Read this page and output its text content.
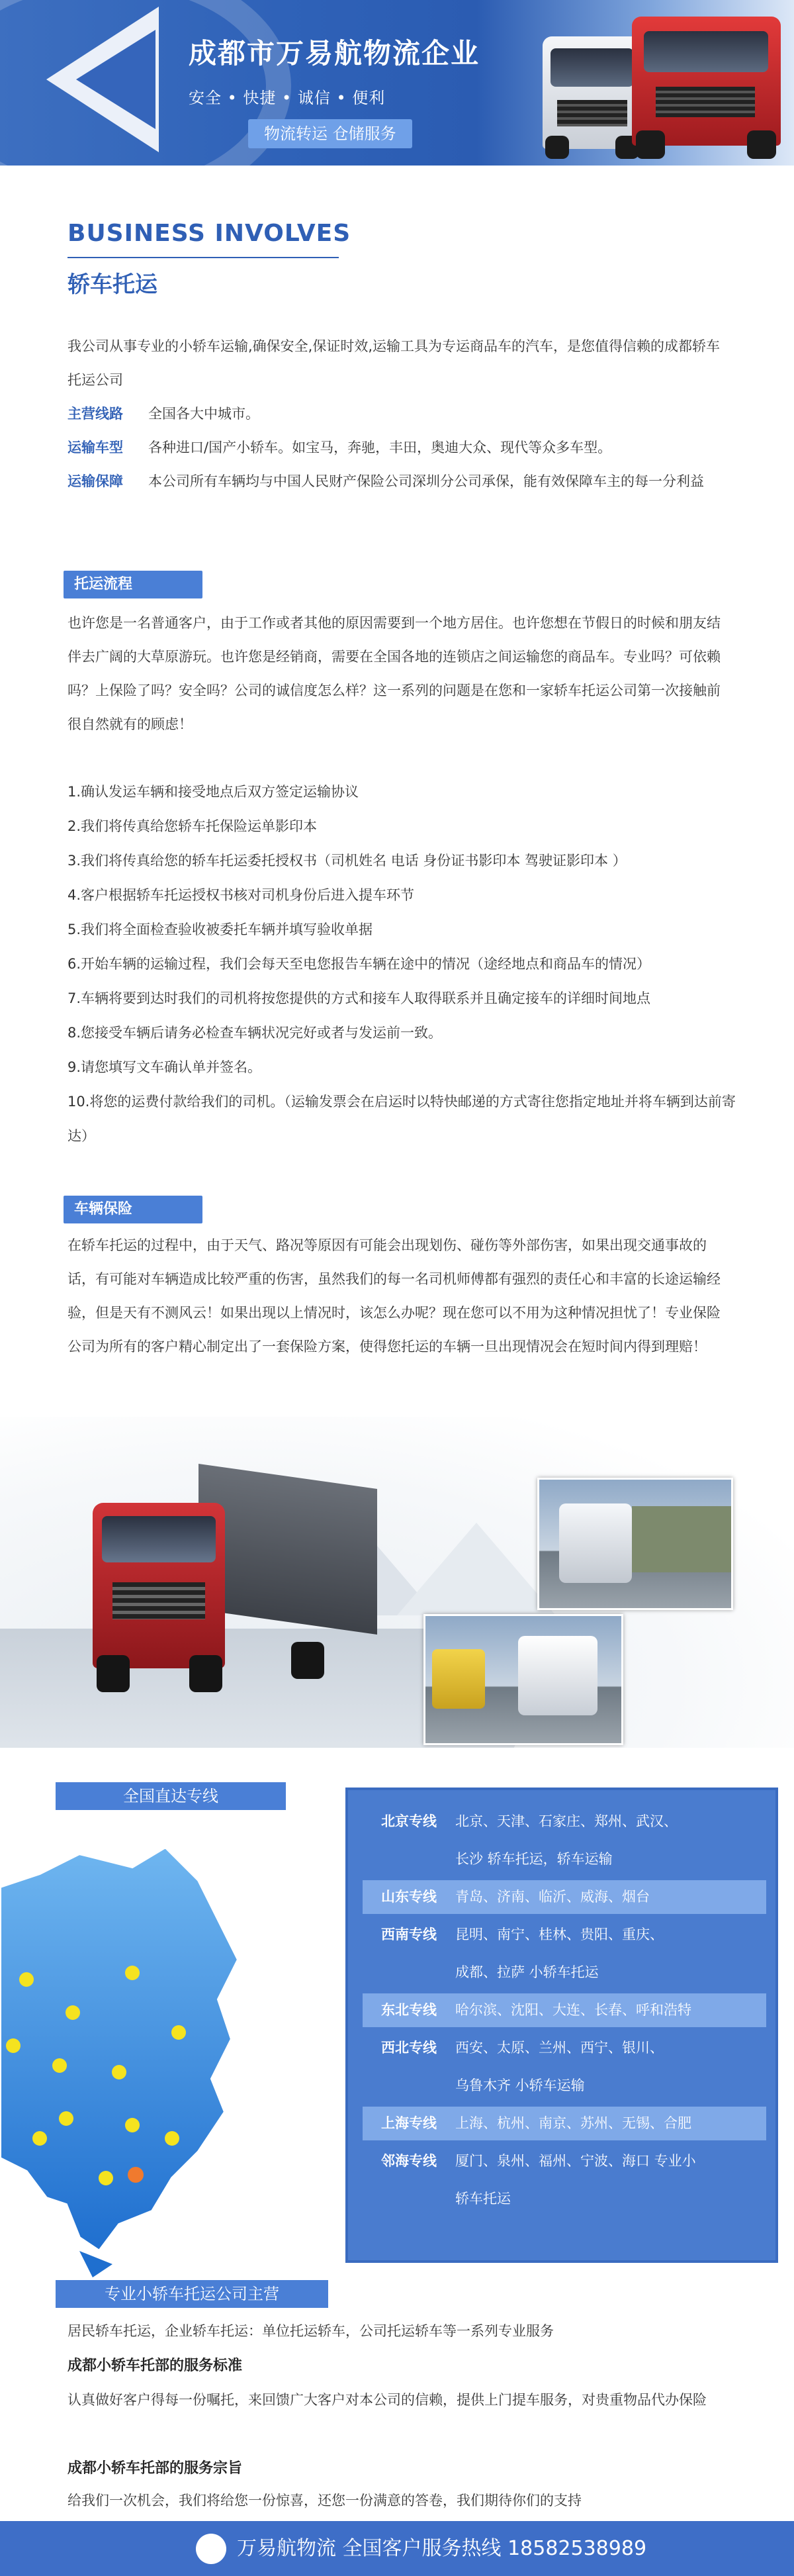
成都市万易航物流企业
安全 • 快捷 • 诚信 • 便利
物流转运 仓储服务
BUSINESS INVOLVES
轿车托运
我公司从事专业的小轿车运输,确保安全,保证时效,运输工具为专运商品车的汽车，是您值得信赖的成都轿车托运公司
主营线路	全国各大中城市。
运输车型	各种进口/国产小轿车。如宝马，奔驰，丰田，奥迪大众、现代等众多车型。
运输保障	本公司所有车辆均与中国人民财产保险公司深圳分公司承保，能有效保障车主的每一分利益
托运流程
也许您是一名普通客户，由于工作或者其他的原因需要到一个地方居住。也许您想在节假日的时候和朋友结伴去广阔的大草原游玩。也许您是经销商，需要在全国各地的连锁店之间运输您的商品车。专业吗？可依赖吗？上保险了吗？安全吗？公司的诚信度怎么样？这一系列的问题是在您和一家轿车托运公司第一次接触前很自然就有的顾虑！
1.确认发运车辆和接受地点后双方签定运输协议
2.我们将传真给您轿车托保险运单影印本
3.我们将传真给您的轿车托运委托授权书（司机姓名 电话 身份证书影印本 驾驶证影印本 ）
4.客户根据轿车托运授权书核对司机身份后进入提车环节
5.我们将全面检查验收被委托车辆并填写验收单据
6.开始车辆的运输过程，我们会每天至电您报告车辆在途中的情况（途经地点和商品车的情况）
7.车辆将要到达时我们的司机将按您提供的方式和接车人取得联系并且确定接车的详细时间地点
8.您接受车辆后请务必检查车辆状况完好或者与发运前一致。
9.请您填写文车确认单并签名。
10.将您的运费付款给我们的司机。（运输发票会在启运时以特快邮递的方式寄往您指定地址并将车辆到达前寄达）
车辆保险
在轿车托运的过程中，由于天气、路况等原因有可能会出现划伤、碰伤等外部伤害，如果出现交通事故的话，有可能对车辆造成比较严重的伤害，虽然我们的每一名司机师傅都有强烈的责任心和丰富的长途运输经验，但是天有不测风云！如果出现以上情况时，该怎么办呢？现在您可以不用为这种情况担忧了！专业保险公司为所有的客户精心制定出了一套保险方案，使得您托运的车辆一旦出现情况会在短时间内得到理赔！
全国直达专线
北京专线	北京、天津、石家庄、郑州、武汉、
长沙 轿车托运，轿车运输
山东专线	青岛、济南、临沂、威海、烟台
西南专线	昆明、南宁、桂林、贵阳、重庆、
成都、拉萨 小轿车托运
东北专线	哈尔滨、沈阳、大连、长春、呼和浩特
西北专线	西安、太原、兰州、西宁、银川、
乌鲁木齐 小轿车运输
上海专线	上海、杭州、南京、苏州、无锡、合肥
邻海专线	厦门、泉州、福州、宁波、海口 专业小
轿车托运
专业小轿车托运公司主营
居民轿车托运，企业轿车托运：单位托运轿车，公司托运轿车等一系列专业服务
成都小轿车托部的服务标准
认真做好客户得每一份嘱托，来回馈广大客户对本公司的信赖，提供上门提车服务，对贵重物品代办保险
成都小轿车托部的服务宗旨
给我们一次机会，我们将给您一份惊喜，还您一份满意的答卷，我们期待你们的支持
万易航物流 全国客户服务热线 18582538989
